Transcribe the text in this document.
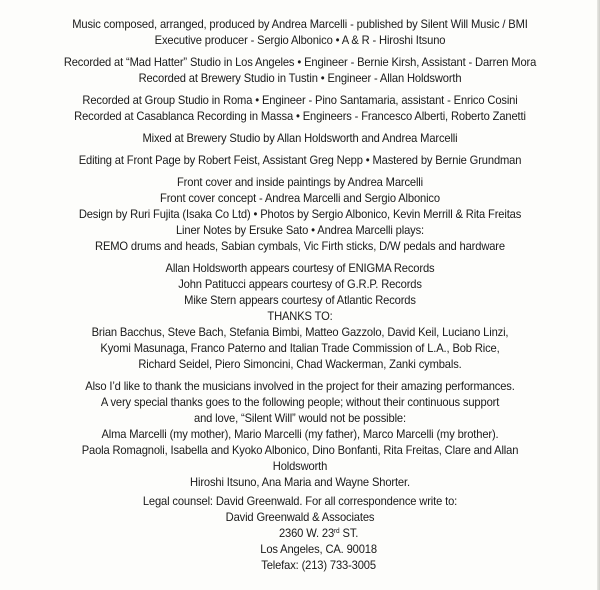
Music composed, arranged, produced by Andrea Marcelli - published by Silent Will Music / BMI
Executive producer - Sergio Albonico • A & R - Hiroshi Itsuno
Recorded at “Mad Hatter” Studio in Los Angeles • Engineer - Bernie Kirsh, Assistant - Darren Mora
Recorded at Brewery Studio in Tustin • Engineer - Allan Holdsworth
Recorded at Group Studio in Roma • Engineer - Pino Santamaria, assistant - Enrico Cosini
Recorded at Casablanca Recording in Massa • Engineers - Francesco Alberti, Roberto Zanetti
Mixed at Brewery Studio by Allan Holdsworth and Andrea Marcelli
Editing at Front Page by Robert Feist, Assistant Greg Nepp • Mastered by Bernie Grundman
Front cover and inside paintings by Andrea Marcelli
Front cover concept - Andrea Marcelli and Sergio Albonico
Design by Ruri Fujita (Isaka Co Ltd) • Photos by Sergio Albonico, Kevin Merrill & Rita Freitas
Liner Notes by Ersuke Sato • Andrea Marcelli plays:
REMO drums and heads, Sabian cymbals, Vic Firth sticks, D/W pedals and hardware
Allan Holdsworth appears courtesy of ENIGMA Records
John Patitucci appears courtesy of G.R.P. Records
Mike Stern appears courtesy of Atlantic Records
THANKS TO:
Brian Bacchus, Steve Bach, Stefania Bimbi, Matteo Gazzolo, David Keil, Luciano Linzi,
Kyomi Masunaga, Franco Paterno and Italian Trade Commission of L.A., Bob Rice,
Richard Seidel, Piero Simoncini, Chad Wackerman, Zanki cymbals.
Also I’d like to thank the musicians involved in the project for their amazing performances.
A very special thanks goes to the following people; without their continuous support
and love, “Silent Will” would not be possible:
Alma Marcelli (my mother), Mario Marcelli (my father), Marco Marcelli (my brother).
Paola Romagnoli, Isabella and Kyoko Albonico, Dino Bonfanti, Rita Freitas, Clare and Allan
Holdsworth
Hiroshi Itsuno, Ana Maria and Wayne Shorter.
Legal counsel: David Greenwald. For all correspondence write to:
David Greenwald & Associates
2360 W. 23rd ST.
Los Angeles, CA. 90018
Telefax: (213) 733-3005
